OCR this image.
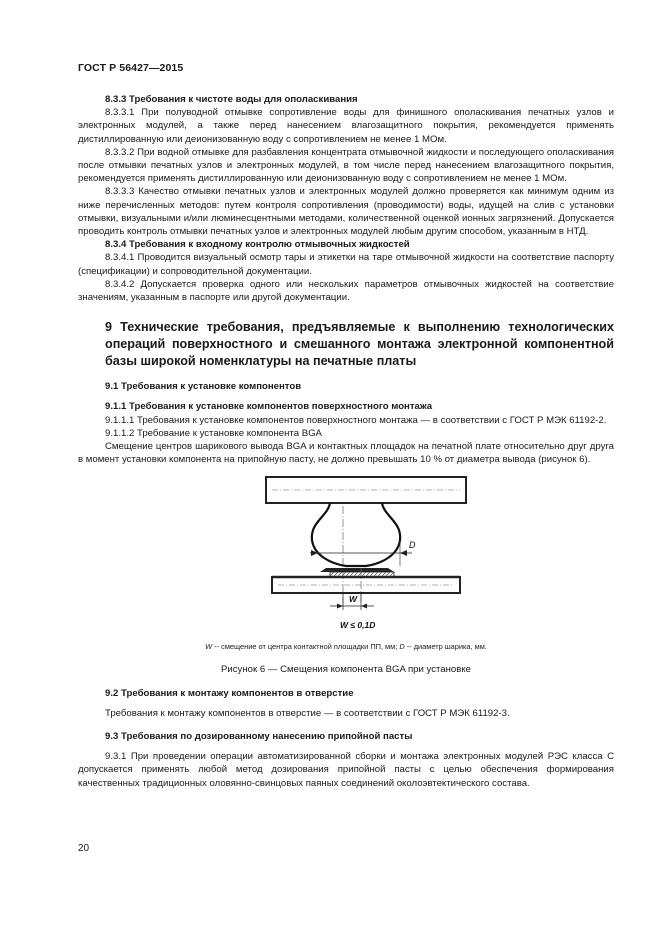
ГОСТ Р 56427—2015

8.3.3 Требования к чистоте воды для ополаскивания

8.3.3.1 При полуводной отмывке сопротивление воды для финишного ополаскивания печатных узлов и электронных модулей, а также перед нанесением влагозащитного покрытия, рекомендуется применять дистиллированную или деионизованную воду с сопротивлением не менее 1 МОм.

8.3.3.2 При водной отмывке для разбавления концентрата отмывочной жидкости и последующего ополаскивания после отмывки печатных узлов и электронных модулей, в том числе перед нанесением влагозащитного покрытия, рекомендуется применять дистиллированную или деионизованную воду с сопротивлением не менее 1 МОм.

8.3.3.3 Качество отмывки печатных узлов и электронных модулей должно проверяется как минимум одним из ниже перечисленных методов: путем контроля сопротивления (проводимости) воды, идущей на слив с установки отмывки, визуальными и/или люминесцентными методами, количественной оценкой ионных загрязнений. Допускается проводить контроль отмывки печатных узлов и электронных модулей любым другим способом, указанным в НТД.

8.3.4 Требования к входному контролю отмывочных жидкостей

8.3.4.1 Проводится визуальный осмотр тары и этикетки на таре отмывочной жидкости на соответствие паспорту (спецификации) и сопроводительной документации.

8.3.4.2 Допускается проверка одного или нескольких параметров отмывочных жидкостей на соответствие значениям, указанным в паспорте или другой документации.

9 Технические требования, предъявляемые к выполнению технологических операций поверхностного и смешанного монтажа электронной компонентной базы широкой номенклатуры на печатные платы

9.1 Требования к установке компонентов

9.1.1 Требования к установке компонентов поверхностного монтажа

9.1.1.1 Требования к установке компонентов поверхностного монтажа — в соответствии с ГОСТ Р МЭК 61192-2.

9.1.1.2 Требование к установке компонента BGA

Смещение центров шарикового вывода BGA и контактных площадок на печатной плате относительно друг друга в момент установки компонента на припойную пасту, не должно превышать 10 % от диаметра вывода (рисунок 6).

D
W
W ≤ 0,1D
W -- смещение от центра контактной площадки ПП, мм; D -- диаметр шарика, мм.
Рисунок 6 — Смещения компонента BGA при установке

9.2 Требования к монтажу компонентов в отверстие

Требования к монтажу компонентов в отверстие — в соответствии с ГОСТ Р МЭК 61192-3.

9.3 Требования по дозированному нанесению припойной пасты

9.3.1 При проведении операции автоматизированной сборки и монтажа электронных модулей РЭС класса С допускается применять любой метод дозирования припойной пасты с целью обеспечения формирования качественных традиционных оловянно-свинцовых паяных соединений околоэвтектического состава.

20
